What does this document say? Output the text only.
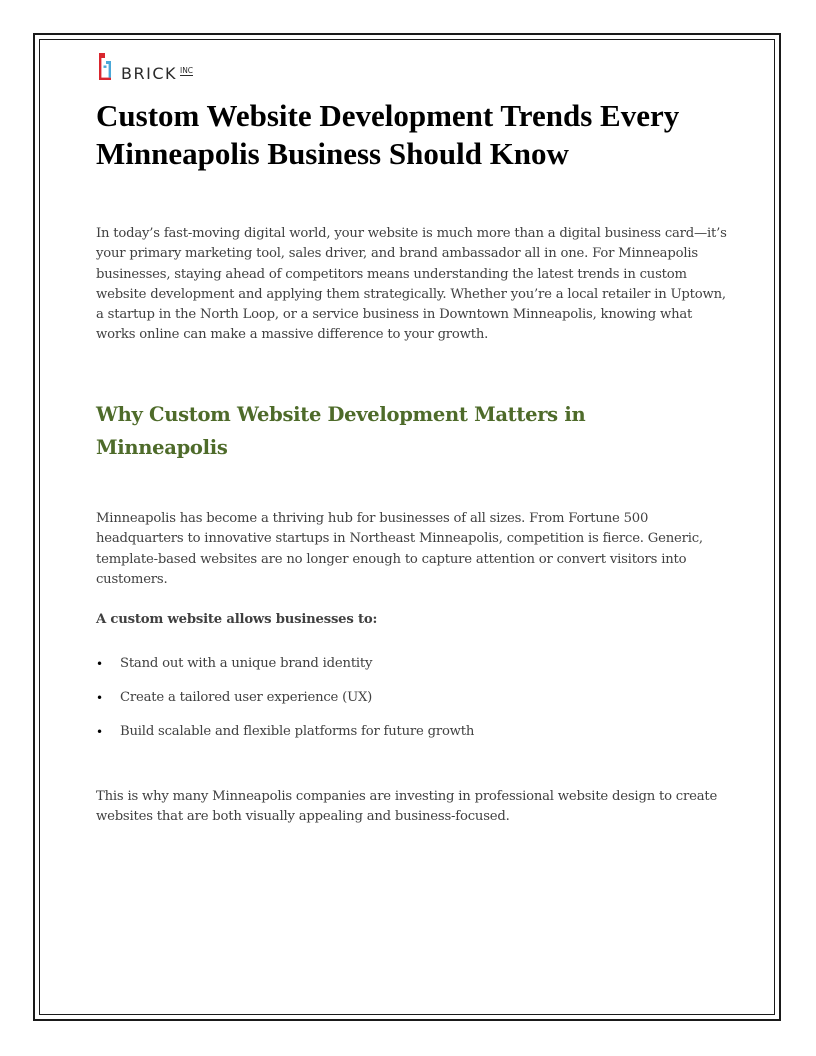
BRICK INC
Custom Website Development Trends Every Minneapolis Business Should Know

In today’s fast-moving digital world, your website is much more than a digital business card—it’s your primary marketing tool, sales driver, and brand ambassador all in one. For Minneapolis businesses, staying ahead of competitors means understanding the latest trends in custom website development and applying them strategically. Whether you’re a local retailer in Uptown, a startup in the North Loop, or a service business in Downtown Minneapolis, knowing what works online can make a massive difference to your growth.

Why Custom Website Development Matters in Minneapolis

Minneapolis has become a thriving hub for businesses of all sizes. From Fortune 500 headquarters to innovative startups in Northeast Minneapolis, competition is fierce. Generic, template-based websites are no longer enough to capture attention or convert visitors into customers.

A custom website allows businesses to:

•	Stand out with a unique brand identity
•	Create a tailored user experience (UX)
•	Build scalable and flexible platforms for future growth

This is why many Minneapolis companies are investing in professional website design to create websites that are both visually appealing and business-focused.
